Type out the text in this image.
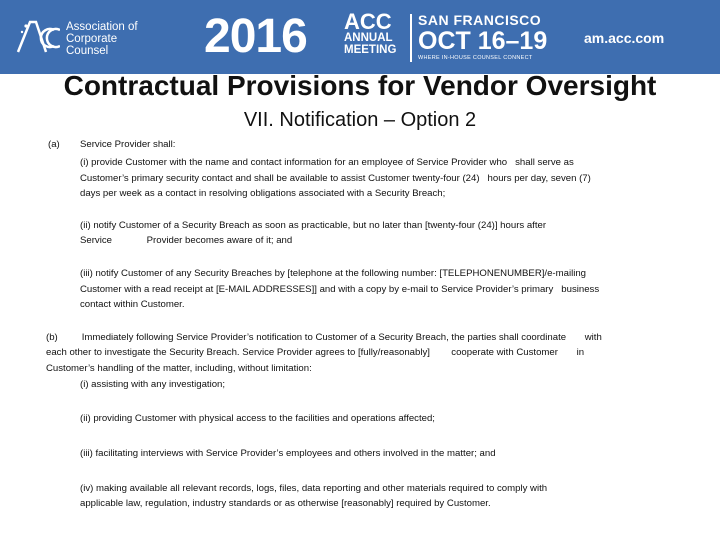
Association of
Corporate Counsel	2016 ACC
ANNUAL
MEETING
SAN FRANCISCO
OCT 16–19
WHERE IN-HOUSE COUNSEL CONNECT
am.acc.com
Contractual Provisions for Vendor Oversight
VII. Notification – Option 2
(a) Service Provider shall:
(i) provide Customer with the name and contact information for an employee of Service Provider who   shall serve as
Customer’s primary security contact and shall be available to assist Customer twenty-four (24)   hours per day, seven (7)
days per week as a contact in resolving obligations associated with a Security Breach;
(ii) notify Customer of a Security Breach as soon as practicable, but no later than [twenty-four (24)] hours after
Service             Provider becomes aware of it; and
(iii) notify Customer of any Security Breaches by [telephone at the following number: [TELEPHONENUMBER]/e-mailing
Customer with a read receipt at [E-MAIL ADDRESSES]] and with a copy by e-mail to Service Provider’s primary   business
contact within Customer.
(b)         Immediately following Service Provider’s notification to Customer of a Security Breach, the parties shall coordinate       with
each other to investigate the Security Breach. Service Provider agrees to [fully/reasonably]        cooperate with Customer       in
Customer’s handling of the matter, including, without limitation:
(i) assisting with any investigation;
(ii) providing Customer with physical access to the facilities and operations affected;
(iii) facilitating interviews with Service Provider’s employees and others involved in the matter; and
(iv) making available all relevant records, logs, files, data reporting and other materials required to comply with
applicable law, regulation, industry standards or as otherwise [reasonably] required by Customer.
